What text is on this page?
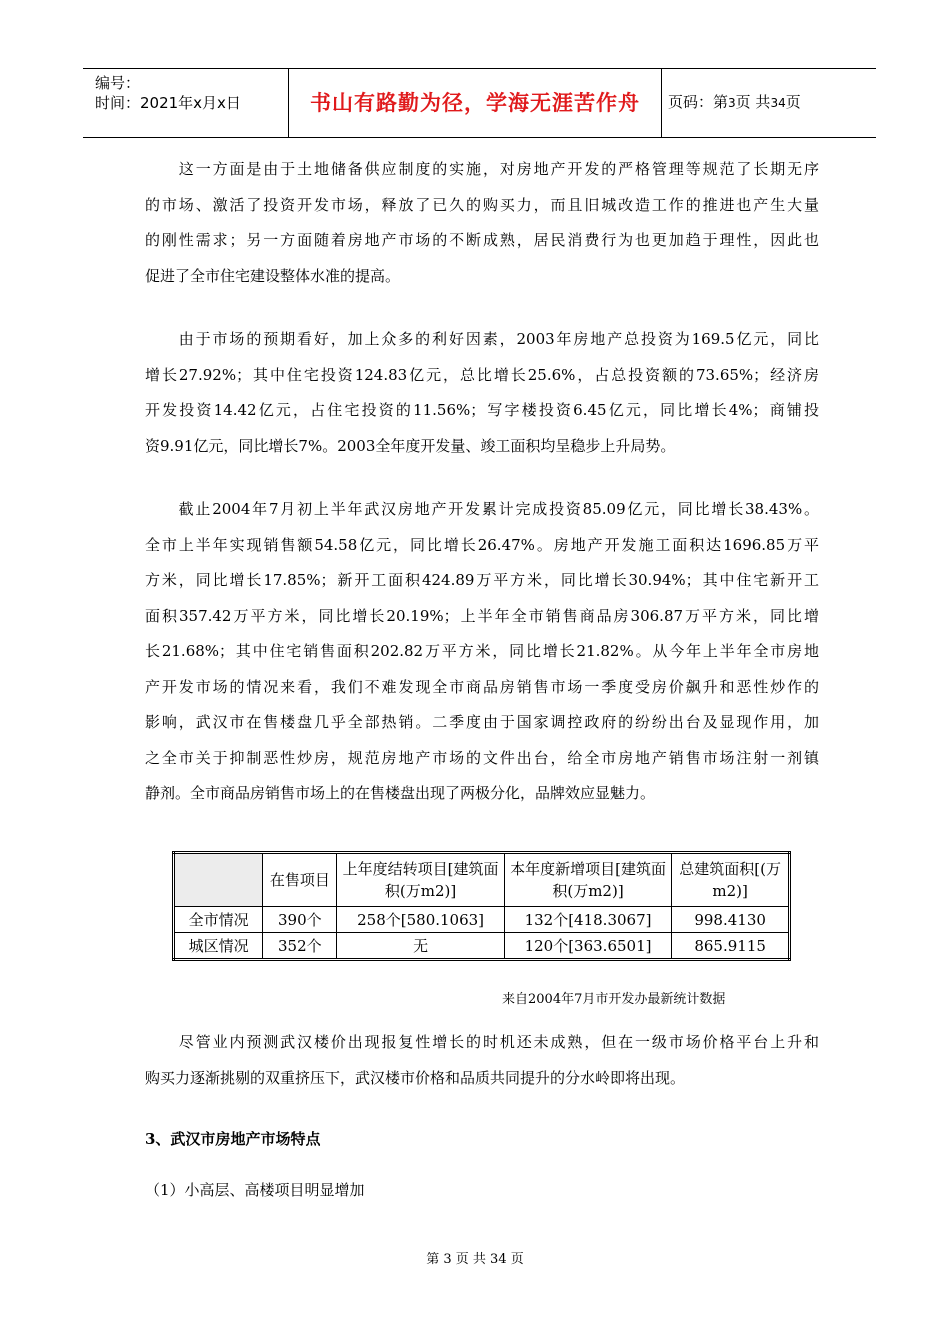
编号：
时间：2021年x月x日	书山有路勤为径，学海无涯苦作舟	页码：第3页 共34页
　　这一方面是由于土地储备供应制度的实施，对房地产开发的严格管理等规范了长期无序
的市场、激活了投资开发市场，释放了已久的购买力，而且旧城改造工作的推进也产生大量
的刚性需求；另一方面随着房地产市场的不断成熟，居民消费行为也更加趋于理性，因此也
促进了全市住宅建设整体水准的提高。
　　由于市场的预期看好，加上众多的利好因素，2003年房地产总投资为169.5亿元，同比
增长27.92%；其中住宅投资124.83亿元，总比增长25.6%，占总投资额的73.65%；经济房
开发投资14.42亿元，占住宅投资的11.56%；写字楼投资6.45亿元，同比增长4%；商铺投
资9.91亿元，同比增长7%。2003全年度开发量、竣工面积均呈稳步上升局势。
　　截止2004年7月初上半年武汉房地产开发累计完成投资85.09亿元，同比增长38.43%。
全市上半年实现销售额54.58亿元，同比增长26.47%。房地产开发施工面积达1696.85万平
方米，同比增长17.85%；新开工面积424.89万平方米，同比增长30.94%；其中住宅新开工
面积357.42万平方米，同比增长20.19%；上半年全市销售商品房306.87万平方米，同比增
长21.68%；其中住宅销售面积202.82万平方米，同比增长21.82%。从今年上半年全市房地
产开发市场的情况来看，我们不难发现全市商品房销售市场一季度受房价飙升和恶性炒作的
影响，武汉市在售楼盘几乎全部热销。二季度由于国家调控政府的纷纷出台及显现作用，加
之全市关于抑制恶性炒房，规范房地产市场的文件出台，给全市房地产销售市场注射一剂镇
静剂。全市商品房销售市场上的在售楼盘出现了两极分化，品牌效应显魅力。
　　尽管业内预测武汉楼价出现报复性增长的时机还未成熟，但在一级市场价格平台上升和
购买力逐渐挑剔的双重挤压下，武汉楼市价格和品质共同提升的分水岭即将出现。
	在售项目	上年度结转项目[建筑面积(万m2)]	本年度新增项目[建筑面积(万m2)]	总建筑面积[(万m2)]
全市情况	390个	258个[580.1063]	132个[418.3067]	998.4130
城区情况	352个	无	120个[363.6501]	865.9115
来自2004年7月市开发办最新统计数据
3、武汉市房地产市场特点
（1）小高层、高楼项目明显增加
第 3 页 共 34 页
